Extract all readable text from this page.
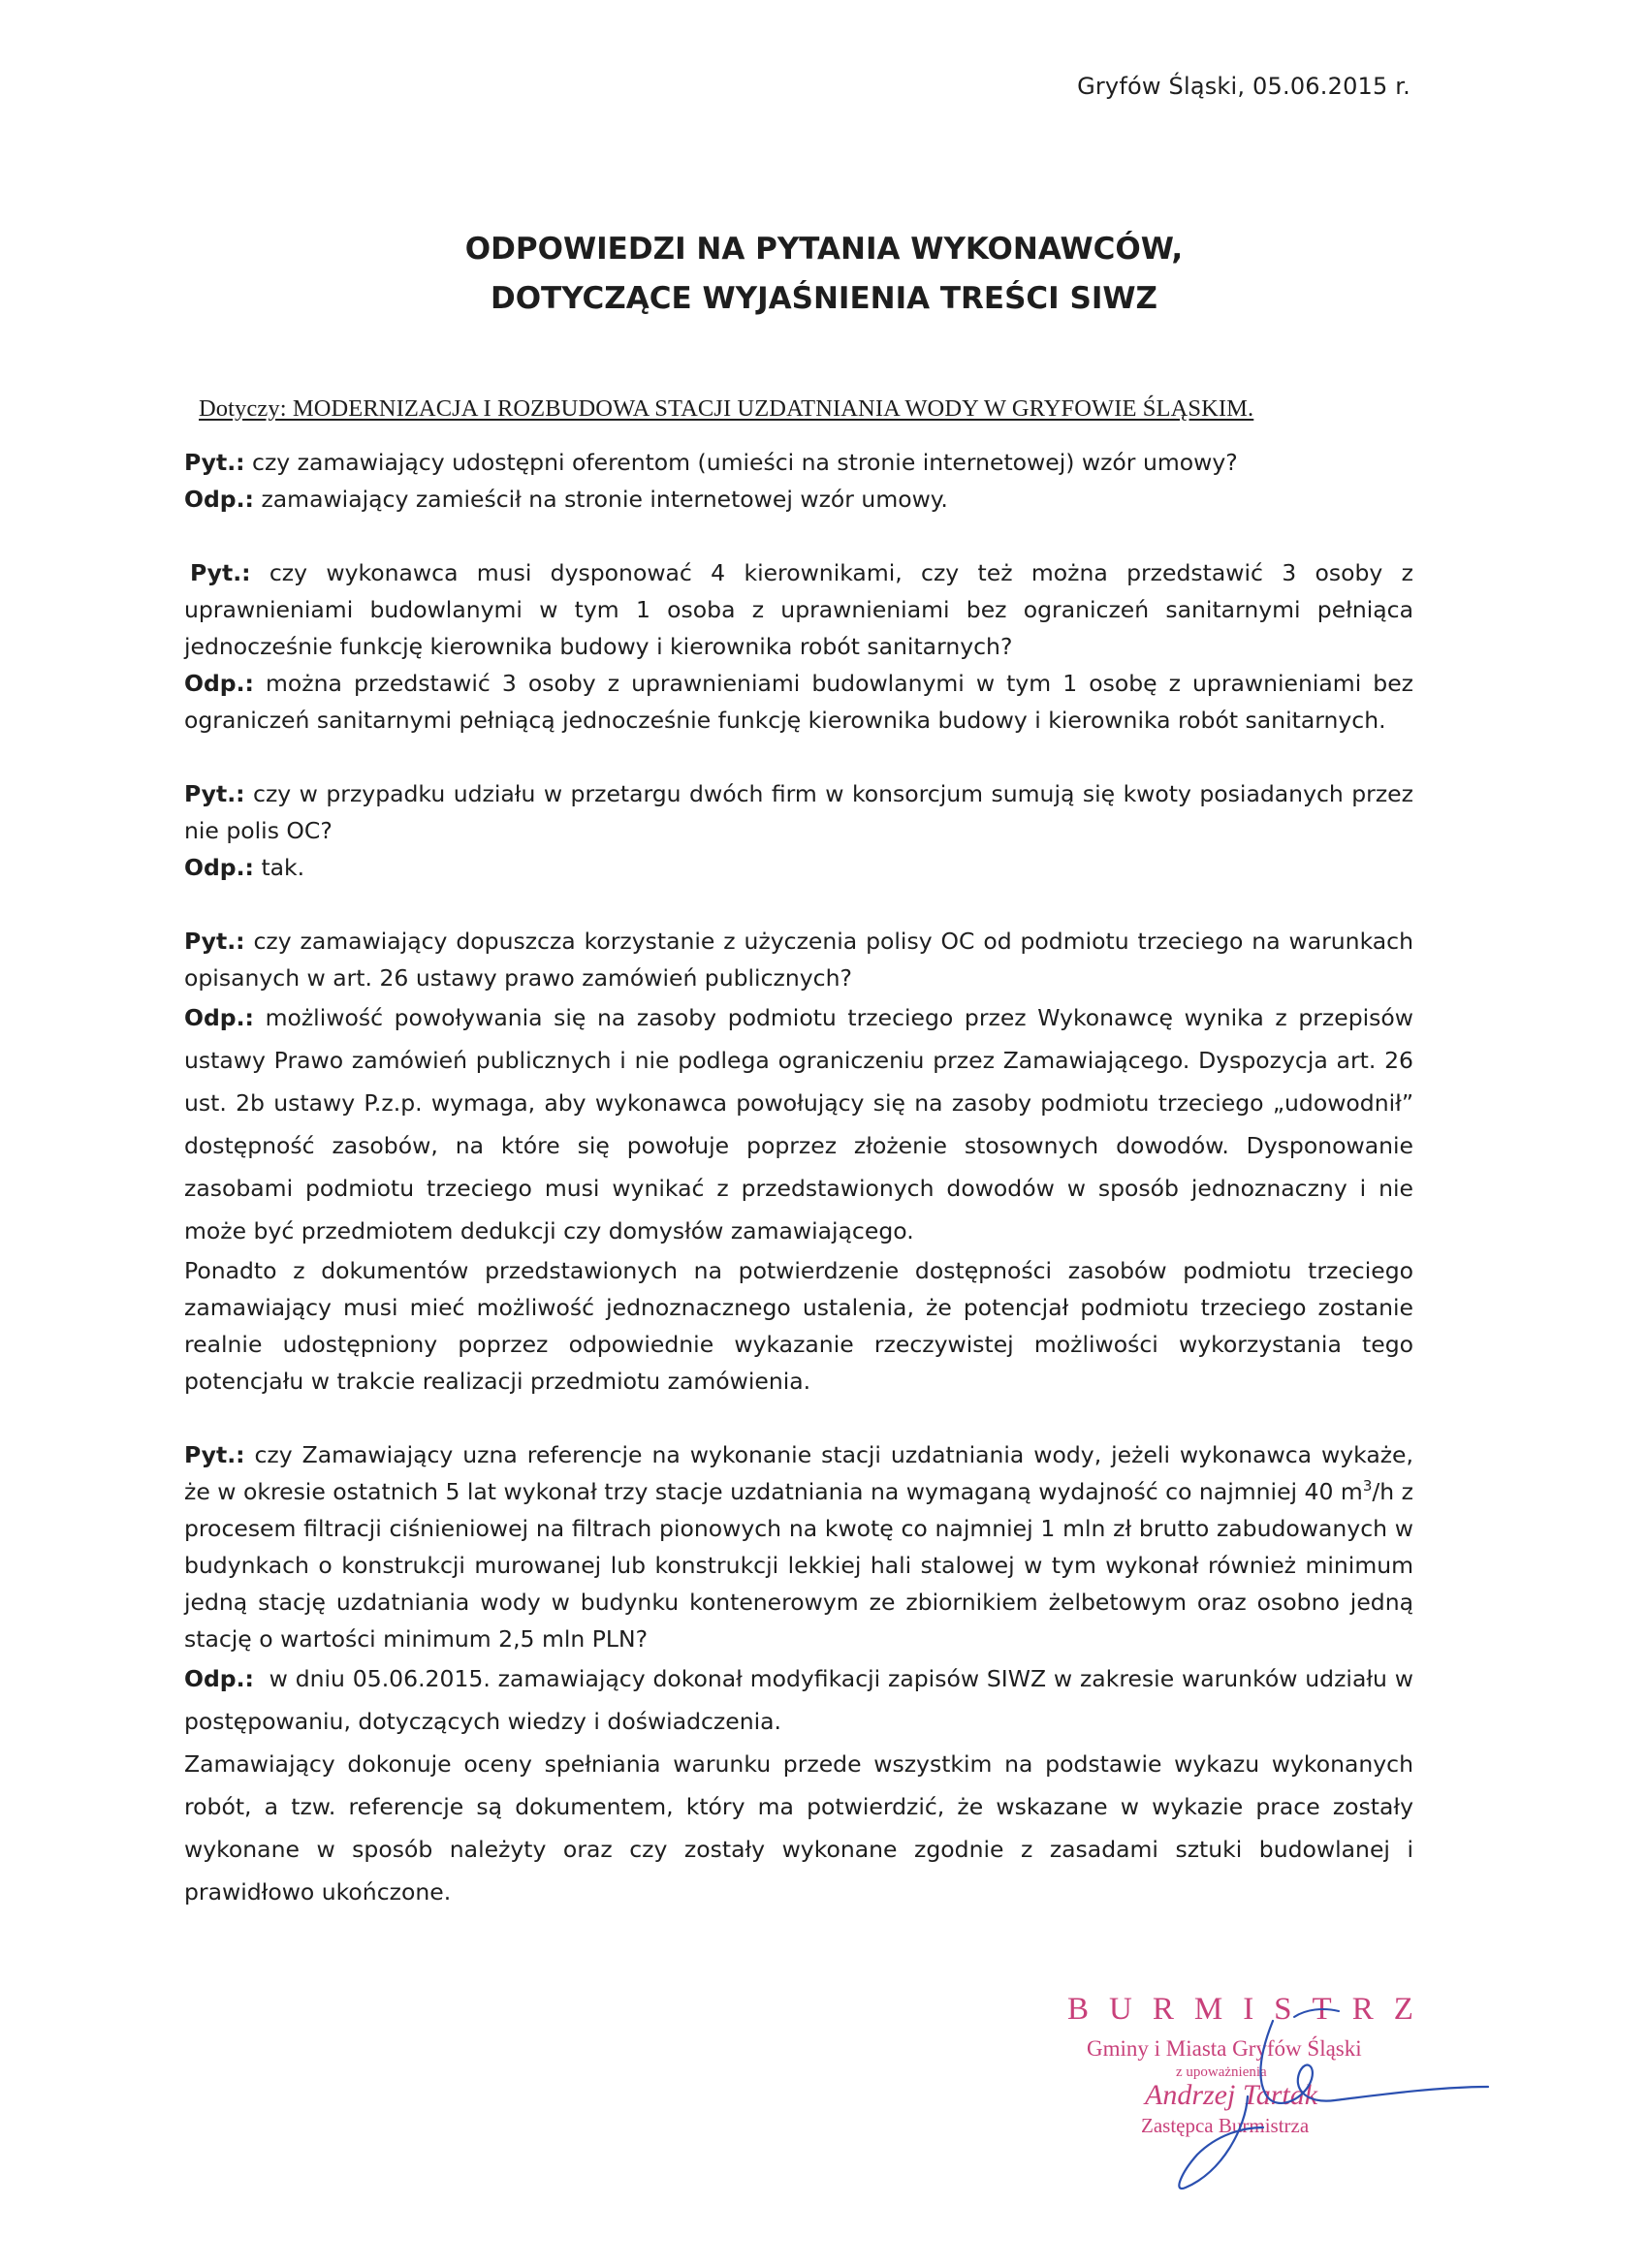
Gryfów Śląski, 05.06.2015 r.
ODPOWIEDZI NA PYTANIA WYKONAWCÓW,
DOTYCZĄCE WYJAŚNIENIA TREŚCI SIWZ
Dotyczy: MODERNIZACJA I ROZBUDOWA STACJI UZDATNIANIA WODY W GRYFOWIE ŚLĄSKIM.

Pyt.: czy zamawiający udostępni oferentom (umieści na stronie internetowej) wzór umowy?

Odp.: zamawiający zamieścił na stronie internetowej wzór umowy.

Pyt.: czy wykonawca musi dysponować 4 kierownikami, czy też można przedstawić 3 osoby z uprawnieniami budowlanymi w tym 1 osoba z uprawnieniami bez ograniczeń sanitarnymi pełniąca jednocześnie funkcję kierownika budowy i kierownika robót sanitarnych?

Odp.: można przedstawić 3 osoby z uprawnieniami budowlanymi w tym 1 osobę z uprawnieniami bez ograniczeń sanitarnymi pełniącą jednocześnie funkcję kierownika budowy i kierownika robót sanitarnych.

Pyt.: czy w przypadku udziału w przetargu dwóch firm w konsorcjum sumują się kwoty posiadanych przez nie polis OC?

Odp.: tak.

Pyt.: czy zamawiający dopuszcza korzystanie z użyczenia polisy OC od podmiotu trzeciego na warunkach opisanych w art. 26 ustawy prawo zamówień publicznych?

Odp.: możliwość powoływania się na zasoby podmiotu trzeciego przez Wykonawcę wynika z przepisów ustawy Prawo zamówień publicznych i nie podlega ograniczeniu przez Zamawiającego. Dyspozycja art. 26 ust. 2b ustawy P.z.p. wymaga, aby wykonawca powołujący się na zasoby podmiotu trzeciego „udowodnił” dostępność zasobów, na które się powołuje poprzez złożenie stosownych dowodów. Dysponowanie zasobami podmiotu trzeciego musi wynikać z przedstawionych dowodów w sposób jednoznaczny i nie może być przedmiotem dedukcji czy domysłów zamawiającego.

Ponadto z dokumentów przedstawionych na potwierdzenie dostępności zasobów podmiotu trzeciego zamawiający musi mieć możliwość jednoznacznego ustalenia, że potencjał podmiotu trzeciego zostanie realnie udostępniony poprzez odpowiednie wykazanie rzeczywistej możliwości wykorzystania tego potencjału w trakcie realizacji przedmiotu zamówienia.

Pyt.: czy Zamawiający uzna referencje na wykonanie stacji uzdatniania wody, jeżeli wykonawca wykaże, że w okresie ostatnich 5 lat wykonał trzy stacje uzdatniania na wymaganą wydajność co najmniej 40 $m^3/h$ z procesem filtracji ciśnieniowej na filtrach pionowych na kwotę co najmniej 1 mln zł brutto zabudowanych w budynkach o konstrukcji murowanej lub konstrukcji lekkiej hali stalowej w tym wykonał również minimum jedną stację uzdatniania wody w budynku kontenerowym ze zbiornikiem żelbetowym oraz osobno jedną stację o wartości minimum 2,5 mln PLN?

Odp.: w dniu 05.06.2015. zamawiający dokonał modyfikacji zapisów SIWZ w zakresie warunków udziału w postępowaniu, dotyczących wiedzy i doświadczenia.

Zamawiający dokonuje oceny spełniania warunku przede wszystkim na podstawie wykazu wykonanych robót, a tzw. referencje są dokumentem, który ma potwierdzić, że wskazane w wykazie prace zostały wykonane w sposób należyty oraz czy zostały wykonane zgodnie z zasadami sztuki budowlanej i prawidłowo ukończone.

BURMISTRZ
Gminy i Miasta Gryfów Śląski
z upoważnienia
Andrzej Tartak
Zastępca Burmistrza
